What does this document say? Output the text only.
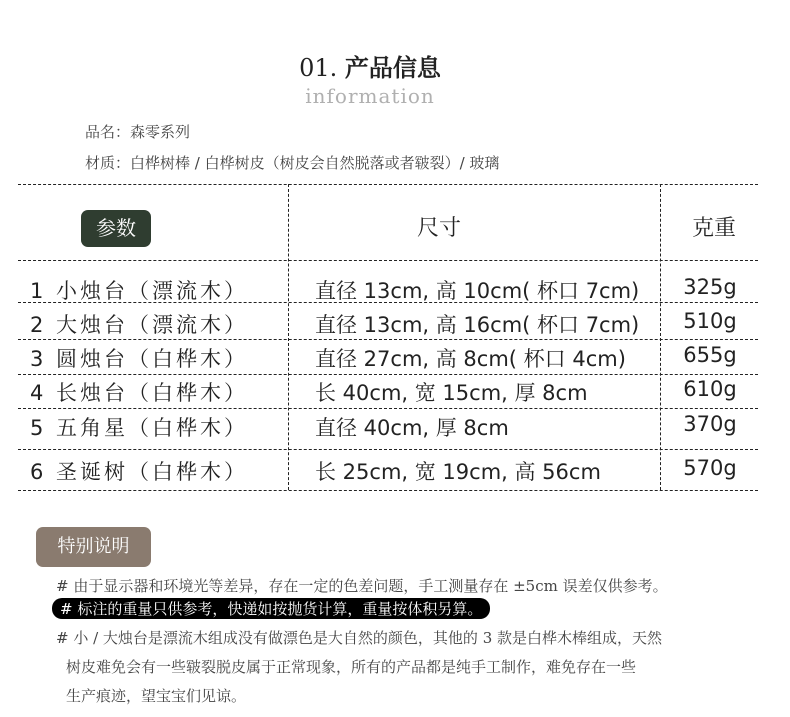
01. 产品信息
information
品名：森零系列
材质：白桦树棒 / 白桦树皮（树皮会自然脱落或者皲裂）/ 玻璃
参数	尺寸	克重
1 小烛台（漂流木）	直径 13cm, 高 10cm( 杯口 7cm)	325g
2 大烛台（漂流木）	直径 13cm, 高 16cm( 杯口 7cm)	510g
3 圆烛台（白桦木）	直径 27cm, 高 8cm( 杯口 4cm)	655g
4 长烛台（白桦木）	长 40cm, 宽 15cm, 厚 8cm	610g
5 五角星（白桦木）	直径 40cm, 厚 8cm	370g
6 圣诞树（白桦木）	长 25cm, 宽 19cm, 高 56cm	570g
特别说明
# 由于显示器和环境光等差异，存在一定的色差问题，手工测量存在 ±5cm 误差仅供参考。
# 标注的重量只供参考，快递如按抛货计算，重量按体积另算。
# 小 / 大烛台是漂流木组成没有做漂色是大自然的颜色，其他的 3 款是白桦木棒组成，天然
树皮难免会有一些皲裂脱皮属于正常现象，所有的产品都是纯手工制作，难免存在一些
生产痕迹，望宝宝们见谅。
